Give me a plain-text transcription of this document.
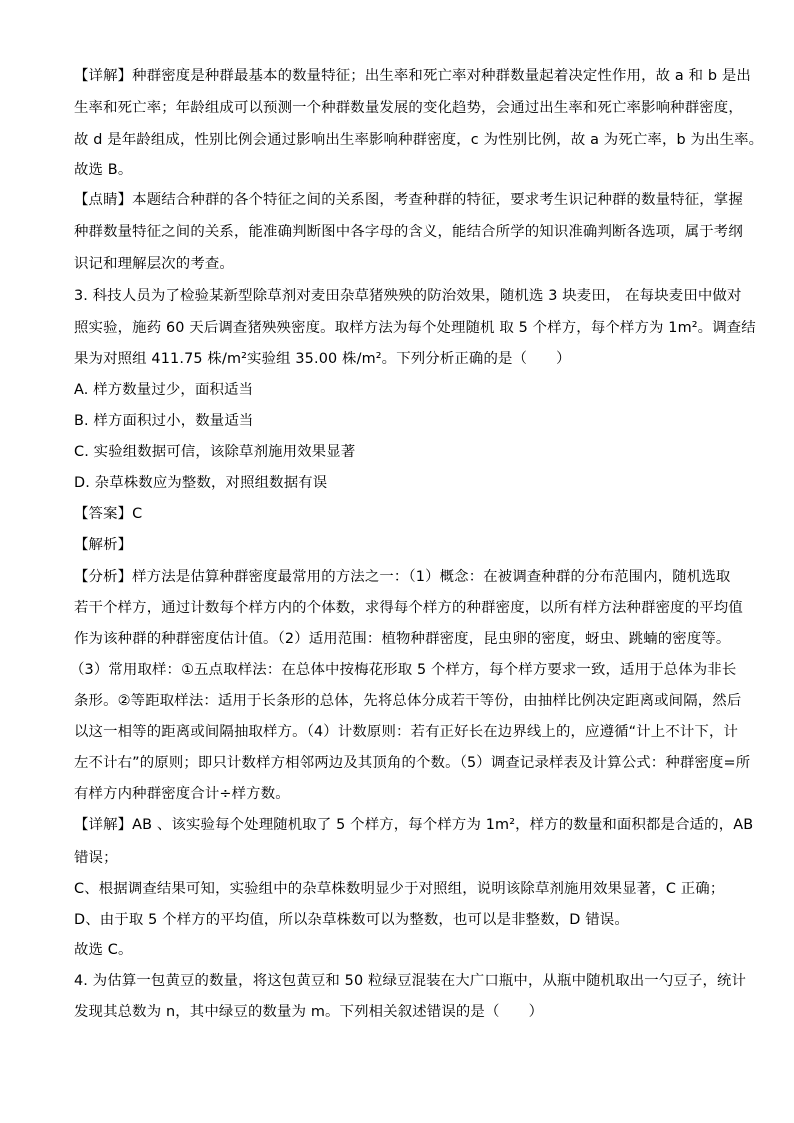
【详解】种群密度是种群最基本的数量特征；出生率和死亡率对种群数量起着决定性作用，故 a 和 b 是出
生率和死亡率；年龄组成可以预测一个种群数量发展的变化趋势，会通过出生率和死亡率影响种群密度，
故 d 是年龄组成，性别比例会通过影响出生率影响种群密度，c 为性别比例，故 a 为死亡率，b 为出生率。
故选 B。
【点睛】本题结合种群的各个特征之间的关系图，考查种群的特征，要求考生识记种群的数量特征，掌握
种群数量特征之间的关系，能准确判断图中各字母的含义，能结合所学的知识准确判断各选项，属于考纲
识记和理解层次的考查。
3. 科技人员为了检验某新型除草剂对麦田杂草猪殃殃的防治效果，随机选 3 块麦田， 在每块麦田中做对
照实验，施药 60 天后调查猪殃殃密度。取样方法为每个处理随机 取 5 个样方，每个样方为 1m²。调查结
果为对照组 411.75 株/m²实验组 35.00 株/m²。下列分析正确的是（　　）
A. 样方数量过少，面积适当
B. 样方面积过小，数量适当
C. 实验组数据可信，该除草剂施用效果显著
D. 杂草株数应为整数，对照组数据有误
【答案】C
【解析】
【分析】样方法是估算种群密度最常用的方法之一：（1）概念：在被调查种群的分布范围内，随机选取
若干个样方，通过计数每个样方内的个体数，求得每个样方的种群密度，以所有样方法种群密度的平均值
作为该种群的种群密度估计值。（2）适用范围：植物种群密度，昆虫卵的密度，蚜虫、跳蝻的密度等。
（3）常用取样：①五点取样法：在总体中按梅花形取 5 个样方，每个样方要求一致，适用于总体为非长
条形。②等距取样法：适用于长条形的总体，先将总体分成若干等份，由抽样比例决定距离或间隔，然后
以这一相等的距离或间隔抽取样方。（4）计数原则：若有正好长在边界线上的，应遵循“计上不计下，计
左不计右”的原则；即只计数样方相邻两边及其顶角的个数。（5）调查记录样表及计算公式：种群密度=所
有样方内种群密度合计÷样方数。
【详解】AB 、该实验每个处理随机取了 5 个样方，每个样方为 1m²，样方的数量和面积都是合适的，AB
错误；
C、根据调查结果可知，实验组中的杂草株数明显少于对照组，说明该除草剂施用效果显著，C 正确；
D、由于取 5 个样方的平均值，所以杂草株数可以为整数，也可以是非整数，D 错误。
故选 C。
4. 为估算一包黄豆的数量，将这包黄豆和 50 粒绿豆混装在大广口瓶中，从瓶中随机取出一勺豆子，统计
发现其总数为 n，其中绿豆的数量为 m。下列相关叙述错误的是（　　）
